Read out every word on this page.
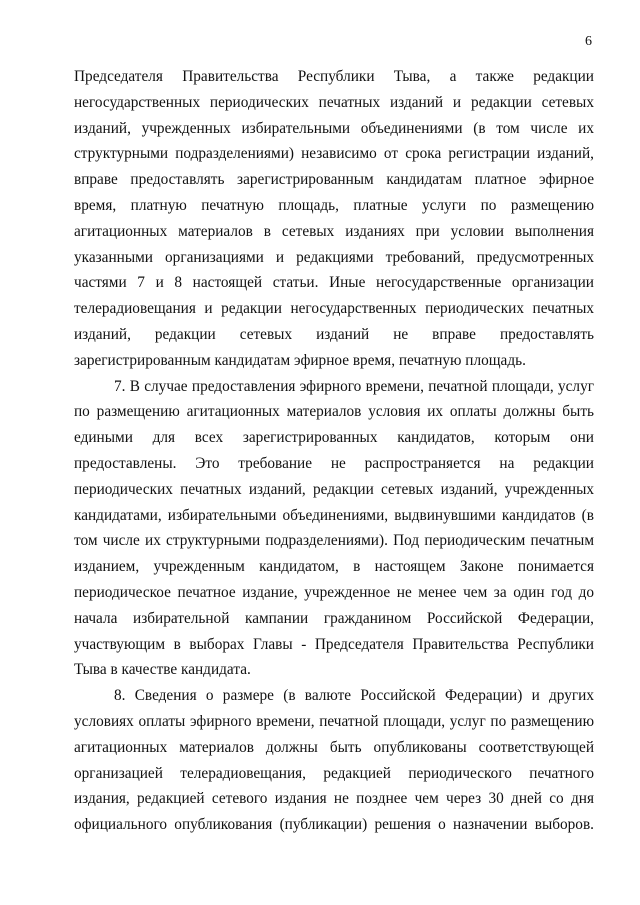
6

Председателя Правительства Республики Тыва, а также редакции негосударственных периодических печатных изданий и редакции сетевых изданий, учрежденных избирательными объединениями (в том числе их структурными подразделениями) независимо от срока регистрации изданий, вправе предоставлять зарегистрированным кандидатам платное эфирное время, платную печатную площадь, платные услуги по размещению агитационных материалов в сетевых изданиях при условии выполнения указанными организациями и редакциями требований, предусмотренных частями 7 и 8 настоящей статьи. Иные негосударственные организации телерадиовещания и редакции негосударственных периодических печатных изданий, редакции сетевых изданий не вправе предоставлять зарегистрированным кандидатам эфирное время, печатную площадь.

7. В случае предоставления эфирного времени, печатной площади, услуг по размещению агитационных материалов условия их оплаты должны быть едиными для всех зарегистрированных кандидатов, которым они предоставлены. Это требование не распространяется на редакции периодических печатных изданий, редакции сетевых изданий, учрежденных кандидатами, избирательными объединениями, выдвинувшими кандидатов (в том числе их структурными подразделениями). Под периодическим печатным изданием, учрежденным кандидатом, в настоящем Законе понимается периодическое печатное издание, учрежденное не менее чем за один год до начала избирательной кампании гражданином Российской Федерации, участвующим в выборах Главы - Председателя Правительства Республики Тыва в качестве кандидата.

8. Сведения о размере (в валюте Российской Федерации) и других условиях оплаты эфирного времени, печатной площади, услуг по размещению агитационных материалов должны быть опубликованы соответствующей организацией телерадиовещания, редакцией периодического печатного издания, редакцией сетевого издания не позднее чем через 30 дней со дня официального опубликования (публикации) решения о назначении выборов.
